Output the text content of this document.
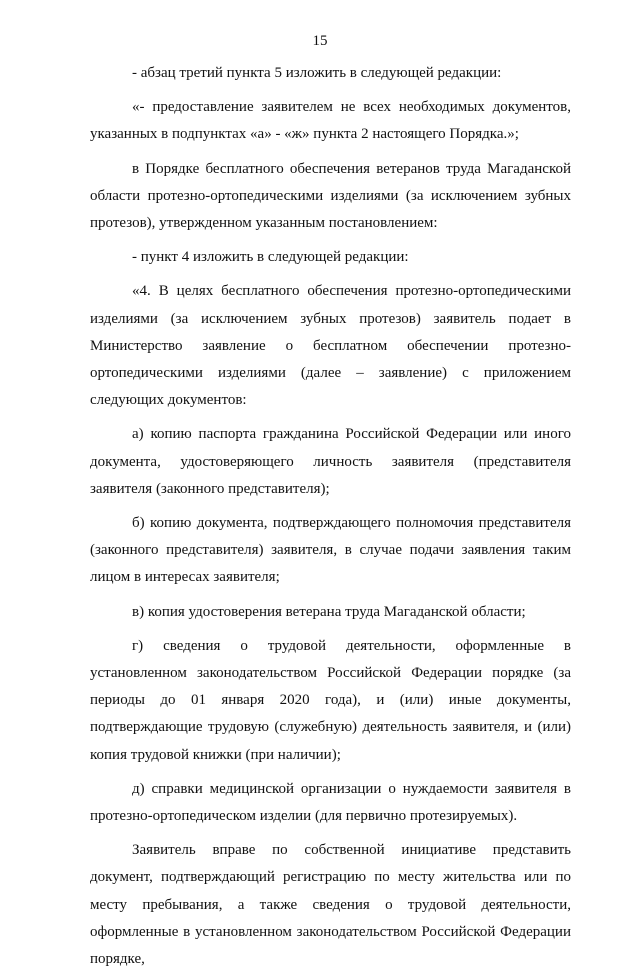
15

- абзац третий пункта 5 изложить в следующей редакции:

«- предоставление заявителем не всех необходимых документов, указанных в подпунктах «а» - «ж» пункта 2 настоящего Порядка.»;

в Порядке бесплатного обеспечения ветеранов труда Магаданской области протезно-ортопедическими изделиями (за исключением зубных протезов), утвержденном указанным постановлением:

- пункт 4 изложить в следующей редакции:

«4. В целях бесплатного обеспечения протезно-ортопедическими изделиями (за исключением зубных протезов) заявитель подает в Министерство заявление о бесплатном обеспечении протезно-ортопедическими изделиями (далее – заявление) с приложением следующих документов:

а) копию паспорта гражданина Российской Федерации или иного документа, удостоверяющего личность заявителя (представителя заявителя (законного представителя);

б) копию документа, подтверждающего полномочия представителя (законного представителя) заявителя, в случае подачи заявления таким лицом в интересах заявителя;

в) копия удостоверения ветерана труда Магаданской области;

г) сведения о трудовой деятельности, оформленные в установленном законодательством Российской Федерации порядке (за периоды до 01 января 2020 года), и (или) иные документы, подтверждающие трудовую (служебную) деятельность заявителя, и (или) копия трудовой книжки (при наличии);

д) справки медицинской организации о нуждаемости заявителя в протезно-ортопедическом изделии (для первично протезируемых).

Заявитель вправе по собственной инициативе представить документ, подтверждающий регистрацию по месту жительства или по месту пребывания, а также сведения о трудовой деятельности, оформленные в установленном законодательством Российской Федерации порядке,
